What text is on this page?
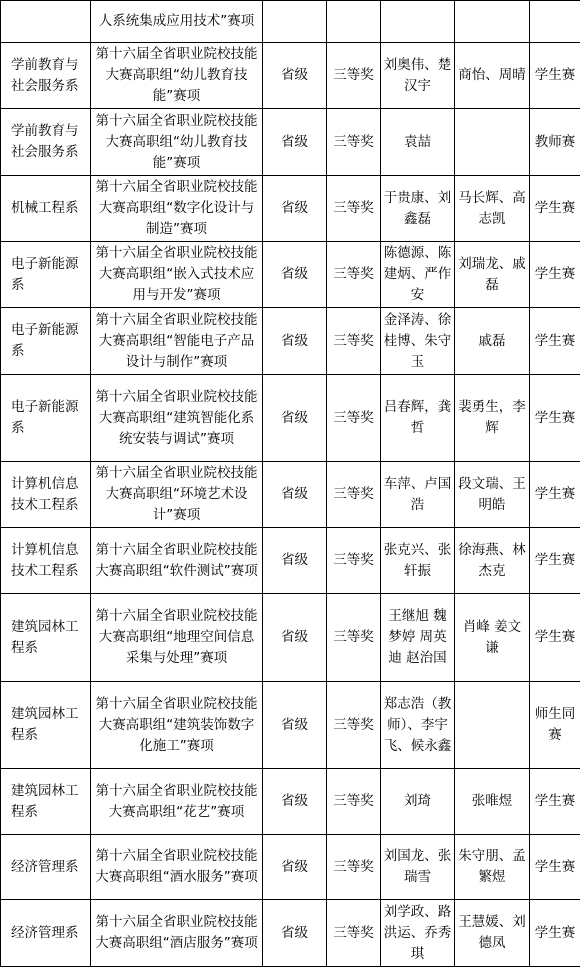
	人系统集成应用技术”赛项					
学前教育与社会服务系	第十六届全省职业院校技能大赛高职组“幼儿教育技能”赛项	省级	三等奖	刘奥伟、楚汉宇	商怡、周晴	学生赛
学前教育与社会服务系	第十六届全省职业院校技能大赛高职组“幼儿教育技能”赛项	省级	三等奖	袁喆		教师赛
机械工程系	第十六届全省职业院校技能大赛高职组“数字化设计与制造”赛项	省级	三等奖	于贵康、刘鑫磊	马长辉、高志凯	学生赛
电子新能源系	第十六届全省职业院校技能大赛高职组“嵌入式技术应用与开发”赛项	省级	三等奖	陈德源、陈建炳、严作安	刘瑞龙、戚磊	学生赛
电子新能源系	第十六届全省职业院校技能大赛高职组“智能电子产品设计与制作”赛项	省级	三等奖	金泽涛、徐桂博、朱守玉	戚磊	学生赛
电子新能源系	第十六届全省职业院校技能大赛高职组“建筑智能化系统安装与调试”赛项	省级	三等奖	吕春辉，龚哲	裴勇生，李辉	学生赛
计算机信息技术工程系	第十六届全省职业院校技能大赛高职组“环境艺术设计”赛项	省级	三等奖	车萍、卢国浩	段文瑞、王明皓	学生赛
计算机信息技术工程系	第十六届全省职业院校技能大赛高职组“软件测试”赛项	省级	三等奖	张克兴、张轩振	徐海燕、林杰克	学生赛
建筑园林工程系	第十六届全省职业院校技能大赛高职组“地理空间信息采集与处理”赛项	省级	三等奖	王继旭 魏梦婷 周英迪 赵治国	肖峰 姜文谦	学生赛
建筑园林工程系	第十六届全省职业院校技能大赛高职组“建筑装饰数字化施工”赛项	省级	三等奖	郑志浩（教师）、李宇飞、候永鑫		师生同赛
建筑园林工程系	第十六届全省职业院校技能大赛高职组“花艺”赛项	省级	三等奖	刘琦	张唯煜	学生赛
经济管理系	第十六届全省职业院校技能大赛高职组“酒水服务”赛项	省级	三等奖	刘国龙、张瑞雪	朱守朋、孟繁煜	学生赛
经济管理系	第十六届全省职业院校技能大赛高职组“酒店服务”赛项	省级	三等奖	刘学政、路洪运、乔秀琪	王慧媛、刘德凤	学生赛
